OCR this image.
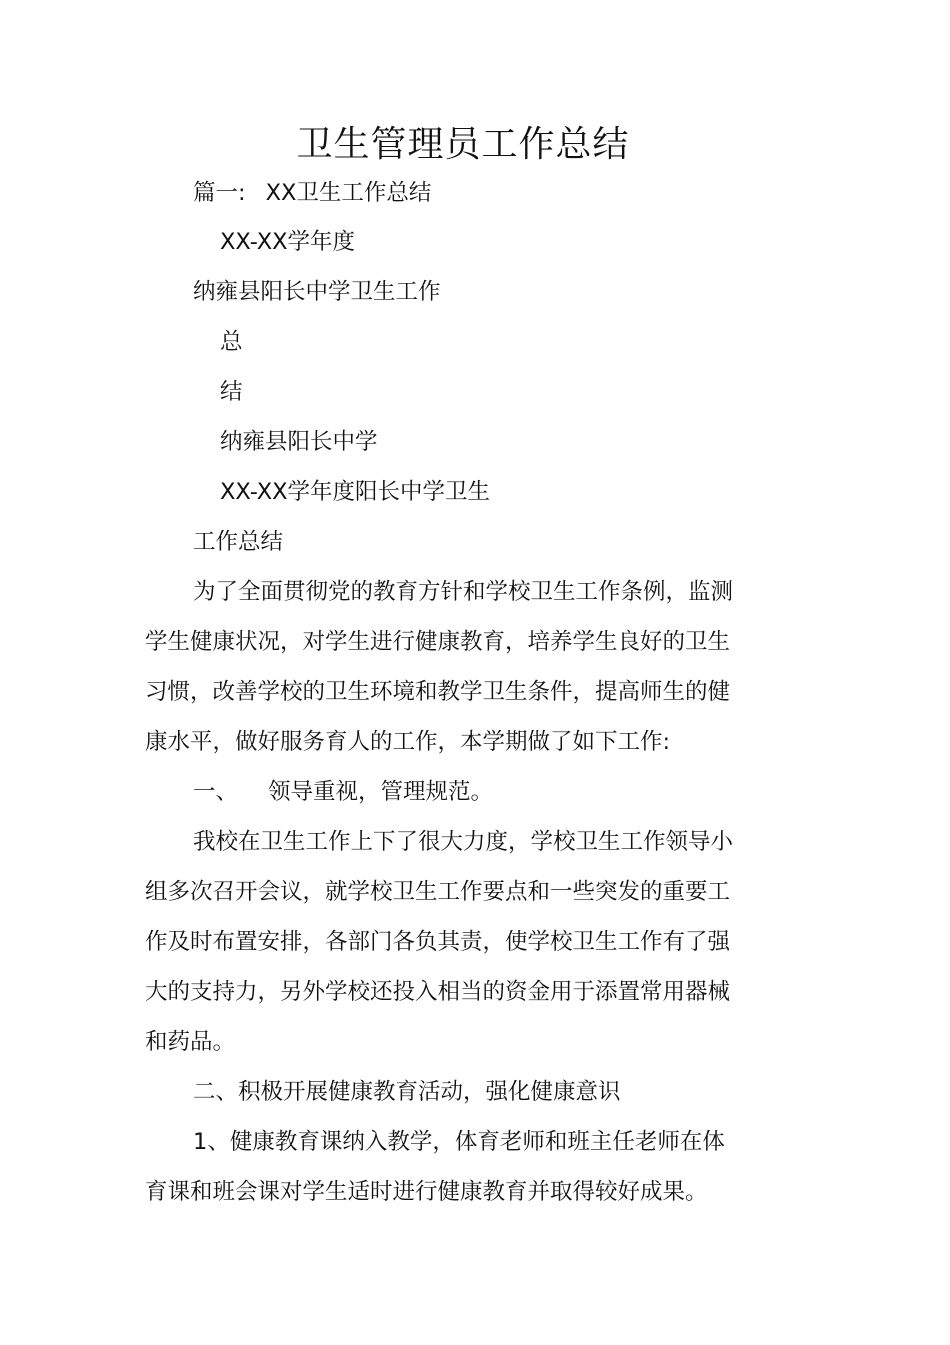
卫生管理员工作总结
篇一: XX卫生工作总结
XX-XX学年度
纳雍县阳长中学卫生工作
总
结
纳雍县阳长中学
XX-XX学年度阳长中学卫生
工作总结
为了全面贯彻党的教育方针和学校卫生工作条例，监测
学生健康状况，对学生进行健康教育，培养学生良好的卫生
习惯，改善学校的卫生环境和教学卫生条件，提高师生的健
康水平，做好服务育人的工作，本学期做了如下工作:
一、 领导重视，管理规范。
我校在卫生工作上下了很大力度，学校卫生工作领导小
组多次召开会议，就学校卫生工作要点和一些突发的重要工
作及时布置安排，各部门各负其责，使学校卫生工作有了强
大的支持力，另外学校还投入相当的资金用于添置常用器械
和药品。
二、积极开展健康教育活动，强化健康意识
1、健康教育课纳入教学，体育老师和班主任老师在体
育课和班会课对学生适时进行健康教育并取得较好成果。
